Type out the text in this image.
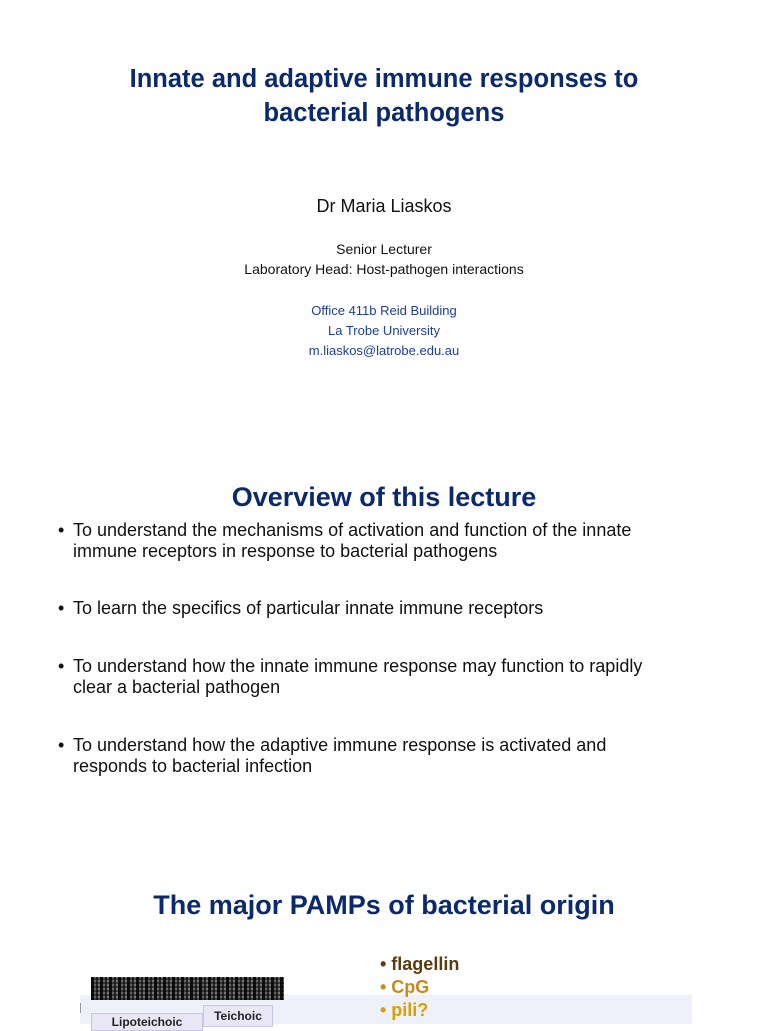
Innate and adaptive immune responses to
bacterial pathogens
Dr Maria Liaskos
Senior Lecturer
Laboratory Head: Host-pathogen interactions
Office 411b Reid Building
La Trobe University
m.liaskos@latrobe.edu.au
Overview of this lecture
• To understand the mechanisms of activation and function of the innate
immune receptors in response to bacterial pathogens
• To learn the specifics of particular innate immune receptors
• To understand how the innate immune response may function to rapidly
clear a bacterial pathogen
• To understand how the adaptive immune response is activated and
responds to bacterial infection
The major PAMPs of bacterial origin
Lipoteichoic	Teichoic
• flagellin
• CpG
• pili?
